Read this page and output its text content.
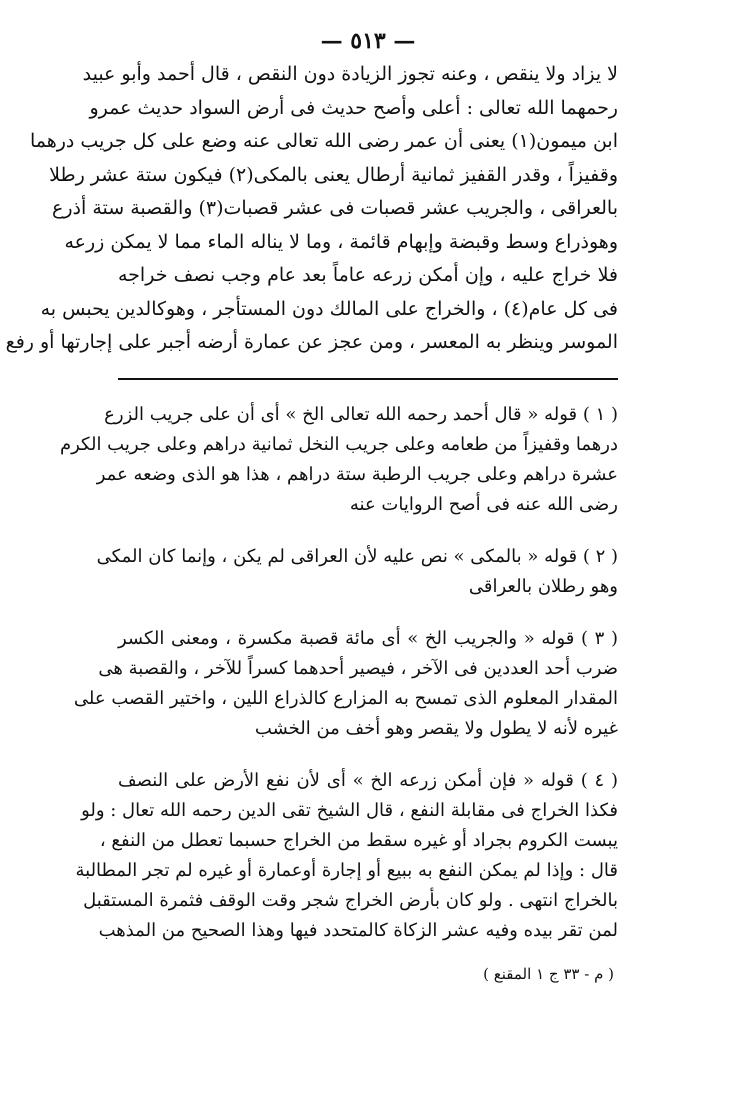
— ٥١٣ —
لا يزاد ولا ينقص ، وعنه تجوز الزيادة دون النقص ، قال أحمد وأبو عبيد
رحمهما الله تعالى : أعلى وأصح حديث فى أرض السواد حديث عمرو
ابن ميمون(١) يعنى أن عمر رضى الله تعالى عنه وضع على كل جريب درهما
وقفيزاً ، وقدر القفيز ثمانية أرطال يعنى بالمكى(٢) فيكون ستة عشر رطلا
بالعراقى ، والجريب عشر قصبات فى عشر قصبات(٣) والقصبة ستة أذرع
وهوذراع وسط وقبضة وإبهام قائمة ، وما لا يناله الماء مما لا يمكن زرعه
فلا خراج عليه ، وإن أمكن زرعه عاماً بعد عام وجب نصف خراجه
فى كل عام(٤) ، والخراج على المالك دون المستأجر ، وهوكالدين يحبس به
الموسر وينظر به المعسر ، ومن عجز عن عمارة أرضه أجبر على إجارتها أو رفع
( ١ ) قوله « قال أحمد رحمه الله تعالى الخ » أى أن على جريب الزرع
درهما وقفيزاً من طعامه وعلى جريب النخل ثمانية دراهم وعلى جريب الكرم
عشرة دراهم وعلى جريب الرطبة ستة دراهم ، هذا هو الذى وضعه عمر
رضى الله عنه فى أصح الروايات عنه
( ٢ ) قوله « بالمكى » نص عليه لأن العراقى لم يكن ، وإنما كان المكى
وهو رطلان بالعراقى
( ٣ ) قوله « والجريب الخ » أى مائة قصبة مكسرة ، ومعنى الكسر
ضرب أحد العددين فى الآخر ، فيصير أحدهما كسراً للآخر ، والقصبة هى
المقدار المعلوم الذى تمسح به المزارع كالذراع اللين ، واختير القصب على
غيره لأنه لا يطول ولا يقصر وهو أخف من الخشب
( ٤ ) قوله « فإن أمكن زرعه الخ » أى لأن نفع الأرض على النصف
فكذا الخراج فى مقابلة النفع ، قال الشيخ تقى الدين رحمه الله تعال : ولو
يبست الكروم بجراد أو غيره سقط من الخراج حسبما تعطل من النفع ،
قال : وإذا لم يمكن النفع به ببيع أو إجارة أوعمارة أو غيره لم تجر المطالبة
بالخراج انتهى . ولو كان بأرض الخراج شجر وقت الوقف فثمرة المستقبل
لمن تقر بيده وفيه عشر الزكاة كالمتحدد فيها وهذا الصحيح من المذهب
( م - ٣٣ ج ١ المقنع )
